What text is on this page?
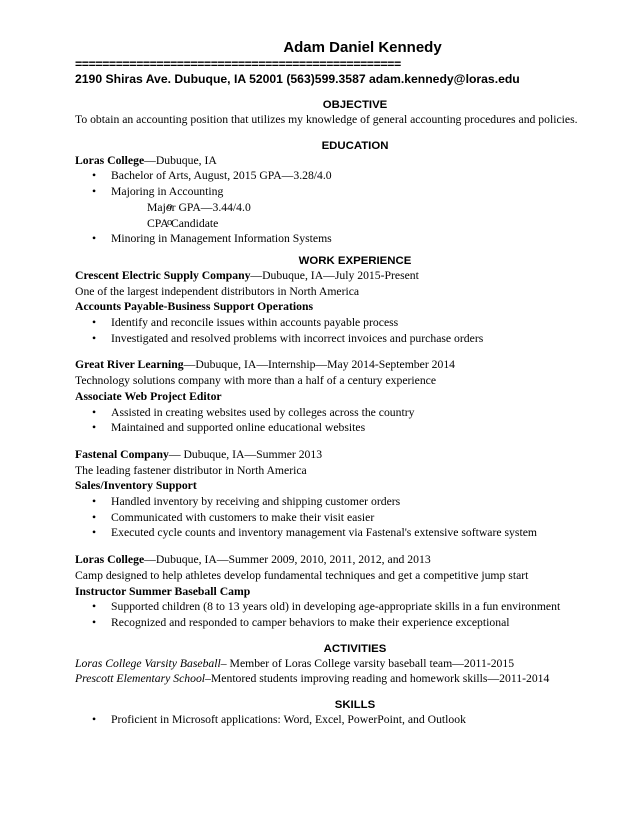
Adam Daniel Kennedy
================================================
2190 Shiras Ave. Dubuque, IA 52001 (563)599.3587 adam.kennedy@loras.edu
OBJECTIVE
To obtain an accounting position that utilizes my knowledge of general accounting procedures and policies.
EDUCATION
Loras College—Dubuque, IA
• Bachelor of Arts, August, 2015 GPA—3.28/4.0
• Majoring in Accounting
o Major GPA—3.44/4.0
o CPA Candidate
• Minoring in Management Information Systems
WORK EXPERIENCE
Crescent Electric Supply Company—Dubuque, IA—July 2015-Present
One of the largest independent distributors in North America
Accounts Payable-Business Support Operations
• Identify and reconcile issues within accounts payable process
• Investigated and resolved problems with incorrect invoices and purchase orders
Great River Learning—Dubuque, IA—Internship—May 2014-September 2014
Technology solutions company with more than a half of a century experience
Associate Web Project Editor
• Assisted in creating websites used by colleges across the country
• Maintained and supported online educational websites
Fastenal Company— Dubuque, IA—Summer 2013
The leading fastener distributor in North America
Sales/Inventory Support
• Handled inventory by receiving and shipping customer orders
• Communicated with customers to make their visit easier
• Executed cycle counts and inventory management via Fastenal's extensive software system
Loras College—Dubuque, IA—Summer 2009, 2010, 2011, 2012, and 2013
Camp designed to help athletes develop fundamental techniques and get a competitive jump start
Instructor Summer Baseball Camp
• Supported children (8 to 13 years old) in developing age-appropriate skills in a fun environment
• Recognized and responded to camper behaviors to make their experience exceptional
ACTIVITIES
Loras College Varsity Baseball– Member of Loras College varsity baseball team—2011-2015
Prescott Elementary School–Mentored students improving reading and homework skills—2011-2014
SKILLS
• Proficient in Microsoft applications: Word, Excel, PowerPoint, and Outlook
